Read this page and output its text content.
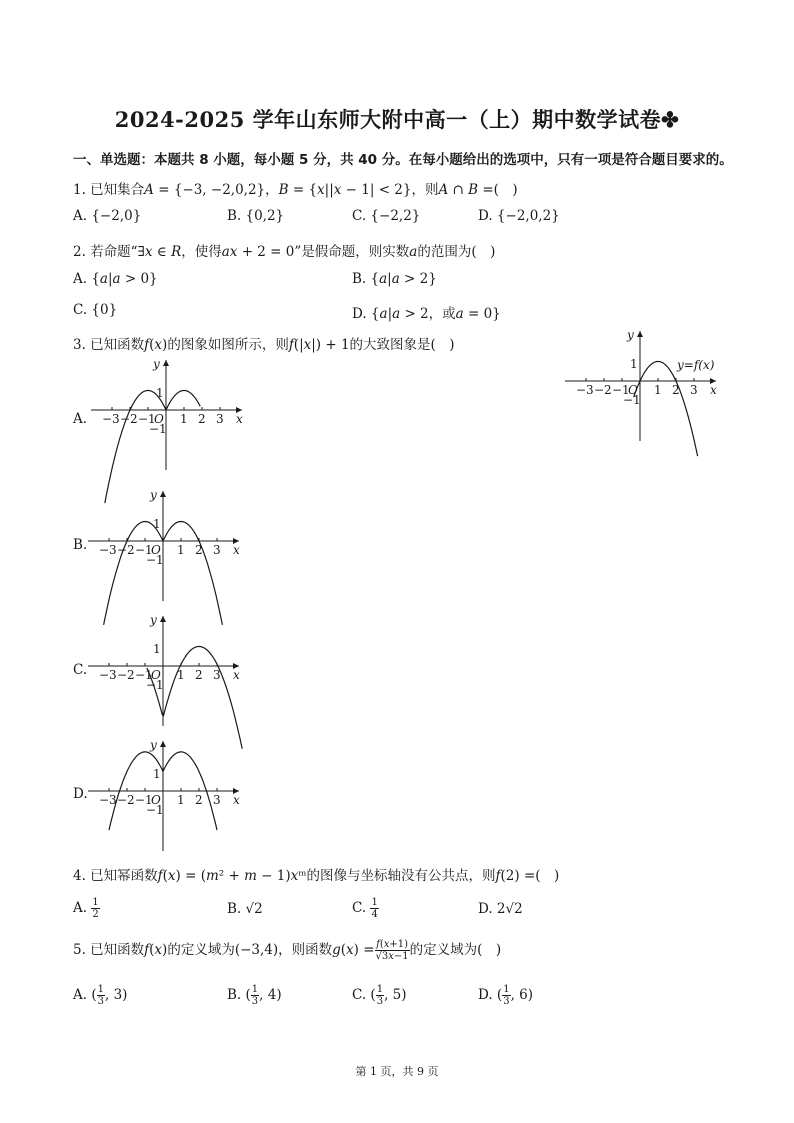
2024-2025 学年山东师大附中高一（上）期中数学试卷✤
一、单选题：本题共 8 小题，每小题 5 分，共 40 分。在每小题给出的选项中，只有一项是符合题目要求的。
1. 已知集合𝐴 = {−3, −2,0,2}，𝐵 = {𝑥||𝑥 − 1| < 2}，则𝐴 ∩ 𝐵 =(　)
A. {−2,0}	B. {0,2}	C. {−2,2}	D. {−2,0,2}
2. 若命题“∃𝑥 ∈ 𝑅，使得𝑎𝑥 + 2 = 0”是假命题，则实数𝑎的范围为(　)
A. {𝑎|𝑎 > 0}	B. {𝑎|𝑎 > 2}
C. {0}	D. {𝑎|𝑎 > 2，或𝑎 = 0}
3. 已知函数𝑓(𝑥)的图象如图所示，则𝑓(|𝑥|) + 1的大致图象是(　)
A.
B.
C.
D.
y
x
O
1
−1
−3 −2 −1 1 2 3
y=f(x)
y
x
O
1
−1
−3 −2 −1 1 2 3
y
x
O
1
−1
−3 −2 −1 1 2 3
y
x
O
1
−1
−3 −2 −1 1 2 3
y
x
O
1
−1
−3 −2 −1 1 2 3
4. 已知幂函数𝑓(𝑥) = (𝑚² + 𝑚 − 1)𝑥ᵐ的图像与坐标轴没有公共点，则𝑓(2) =(　)
A. $\frac{1}{2}$	B. √2	C. $\frac{1}{4}$	D. 2√2
5. 已知函数𝑓(𝑥)的定义域为(−3,4)，则函数𝑔(𝑥) = $\frac{\text{𝑓(𝑥+1)}}{\text{√3𝑥−1}}$ 的定义域为(　)
A. ( $\frac{1}{3}$ , 3)	B. ( $\frac{1}{3}$ , 4)	C. ( $\frac{1}{3}$ , 5)	D. ( $\frac{1}{3}$ , 6)
第 1 页，共 9 页
